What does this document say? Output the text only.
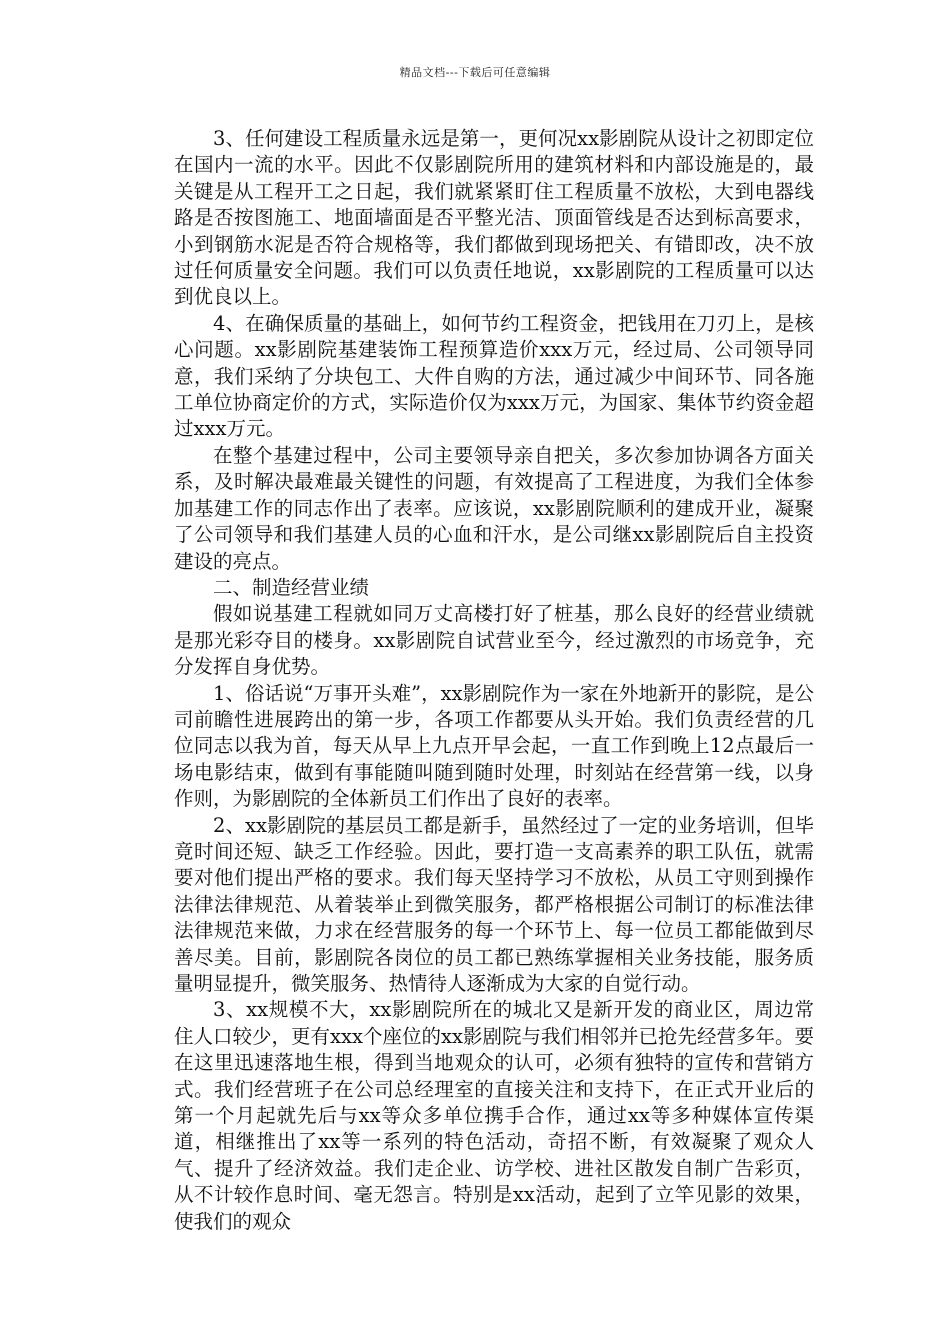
精品文档---下载后可任意编辑

3、任何建设工程质量永远是第一，更何况xx影剧院从设计之初即定位在国内一流的水平。因此不仅影剧院所用的建筑材料和内部设施是的，最关键是从工程开工之日起，我们就紧紧盯住工程质量不放松，大到电器线路是否按图施工、地面墙面是否平整光洁、顶面管线是否达到标高要求，小到钢筋水泥是否符合规格等，我们都做到现场把关、有错即改，决不放过任何质量安全问题。我们可以负责任地说，xx影剧院的工程质量可以达到优良以上。

4、在确保质量的基础上，如何节约工程资金，把钱用在刀刃上，是核心问题。xx影剧院基建装饰工程预算造价xxx万元，经过局、公司领导同意，我们采纳了分块包工、大件自购的方法，通过减少中间环节、同各施工单位协商定价的方式，实际造价仅为xxx万元，为国家、集体节约资金超过xxx万元。

在整个基建过程中，公司主要领导亲自把关，多次参加协调各方面关系，及时解决最难最关键性的问题，有效提高了工程进度，为我们全体参加基建工作的同志作出了表率。应该说，xx影剧院顺利的建成开业，凝聚了公司领导和我们基建人员的心血和汗水，是公司继xx影剧院后自主投资建设的亮点。

二、制造经营业绩

假如说基建工程就如同万丈高楼打好了桩基，那么良好的经营业绩就是那光彩夺目的楼身。xx影剧院自试营业至今，经过激烈的市场竞争，充分发挥自身优势。

1、俗话说“万事开头难”，xx影剧院作为一家在外地新开的影院，是公司前瞻性进展跨出的第一步，各项工作都要从头开始。我们负责经营的几位同志以我为首，每天从早上九点开早会起，一直工作到晚上12点最后一场电影结束，做到有事能随叫随到随时处理，时刻站在经营第一线，以身作则，为影剧院的全体新员工们作出了良好的表率。

2、xx影剧院的基层员工都是新手，虽然经过了一定的业务培训，但毕竟时间还短、缺乏工作经验。因此，要打造一支高素养的职工队伍，就需要对他们提出严格的要求。我们每天坚持学习不放松，从员工守则到操作法律法律规范、从着装举止到微笑服务，都严格根据公司制订的标准法律法律规范来做，力求在经营服务的每一个环节上、每一位员工都能做到尽善尽美。目前，影剧院各岗位的员工都已熟练掌握相关业务技能，服务质量明显提升，微笑服务、热情待人逐渐成为大家的自觉行动。

3、xx规模不大，xx影剧院所在的城北又是新开发的商业区，周边常住人口较少，更有xxx个座位的xx影剧院与我们相邻并已抢先经营多年。要在这里迅速落地生根，得到当地观众的认可，必须有独特的宣传和营销方式。我们经营班子在公司总经理室的直接关注和支持下，在正式开业后的第一个月起就先后与xx等众多单位携手合作，通过xx等多种媒体宣传渠道，相继推出了xx等一系列的特色活动，奇招不断，有效凝聚了观众人气、提升了经济效益。我们走企业、访学校、进社区散发自制广告彩页，从不计较作息时间、毫无怨言。特别是xx活动，起到了立竿见影的效果，使我们的观众
